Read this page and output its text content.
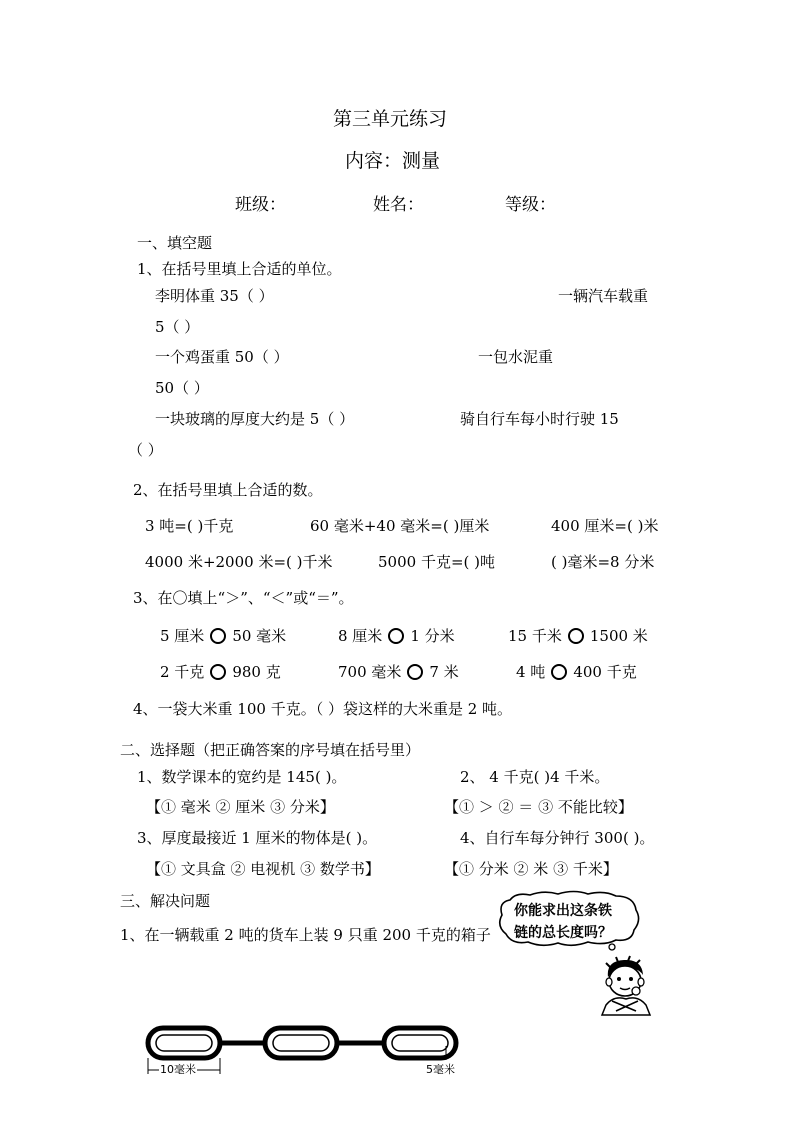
第三单元练习
内容：测量
班级：	姓名：	等级：
一、填空题
1、在括号里填上合适的单位。
李明体重 35（ ）	一辆汽车载重
5（ ）
一个鸡蛋重 50（ ）	一包水泥重
50（ ）
一块玻璃的厚度大约是 5（ ）	骑自行车每小时行驶 15
（ ）
2、在括号里填上合适的数。
3 吨=( )千克	60 毫米+40 毫米=( )厘米	400 厘米=( )米
4000 米+2000 米=( )千米	5000 千克=( )吨	( )毫米=8 分米
3、在〇填上“＞”、“＜”或“＝”。
5 厘米 50 毫米	8 厘米 1 分米	15 千米 1500 米
2 千克 980 克	700 毫米 7 米	4 吨 400 千克
4、一袋大米重 100 千克。（ ）袋这样的大米重是 2 吨。
二、选择题（把正确答案的序号填在括号里）
1、数学课本的宽约是 145( )。	2、 4 千克( )4 千米。
【① 毫米 ② 厘米 ③ 分米】	【① ＞ ② ＝ ③ 不能比较】
3、厚度最接近 1 厘米的物体是( )。	4、自行车每分钟行 300( )。
【① 文具盒 ② 电视机 ③ 数学书】	【① 分米 ② 米 ③ 千米】
三、解决问题
1、在一辆载重 2 吨的货车上装 9 只重 200 千克的箱子
你能求出这条铁
链的总长度吗？
10毫米	5毫米
